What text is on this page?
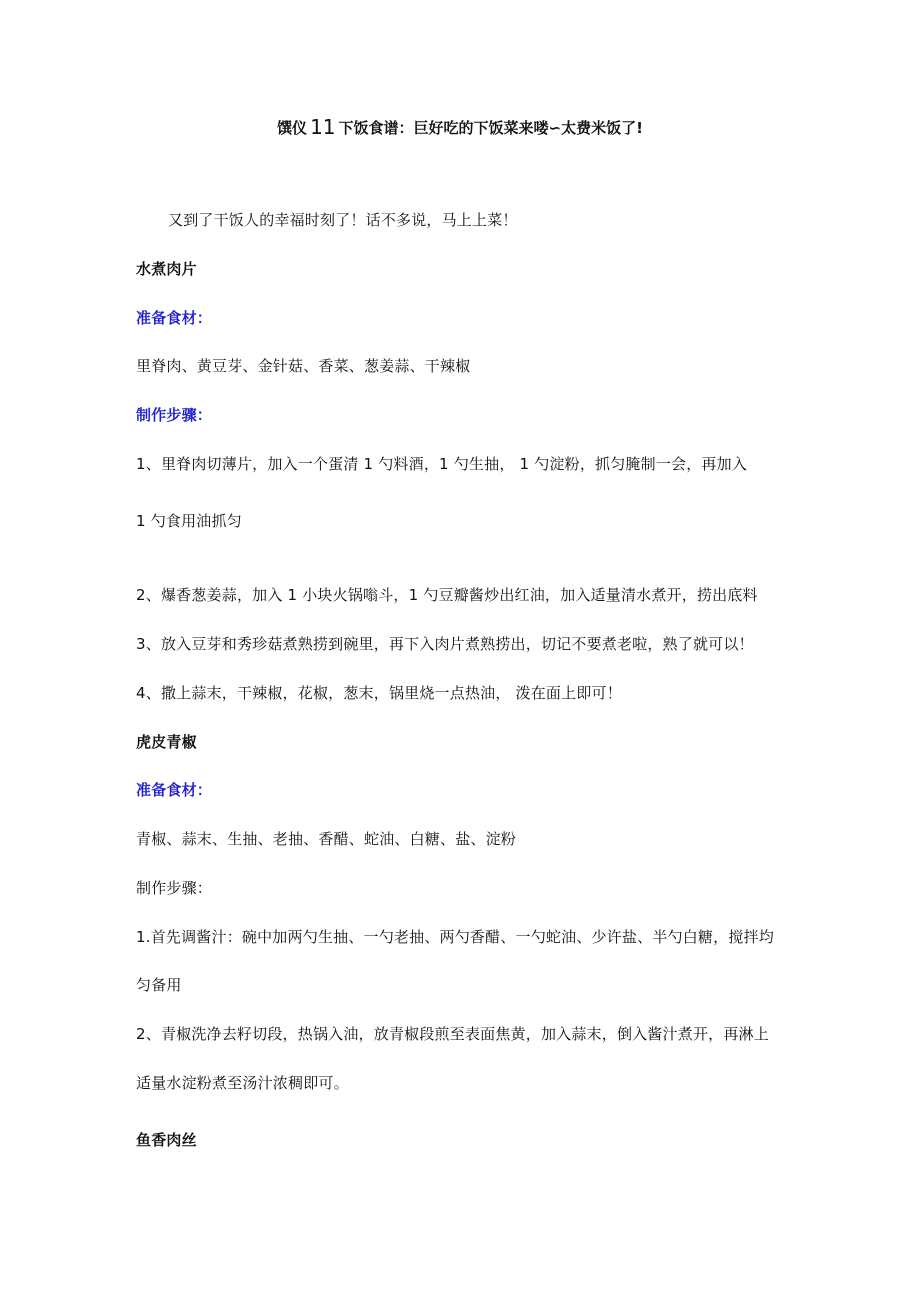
馔仪 11 下饭食谱：巨好吃的下饭菜来喽∽太费米饭了!
又到了干饭人的幸福时刻了！话不多说，马上上菜！
水煮肉片
准备食材：
里脊肉、黄豆芽、金针菇、香菜、葱姜蒜、干辣椒
制作步骤：
1、里脊肉切薄片，加入一个蛋清 1 勺料酒，1 勺生抽， 1 勺淀粉，抓匀腌制一会，再加入
1 勺食用油抓匀
2、爆香葱姜蒜，加入 1 小块火锅嗡斗，1 勺豆瓣酱炒出红油，加入适量清水煮开，捞出底料
3、放入豆芽和秀珍菇煮熟捞到碗里，再下入肉片煮熟捞出，切记不要煮老啦，熟了就可以！
4、撒上蒜末，干辣椒，花椒，葱末，锅里烧一点热油， 泼在面上即可！
虎皮青椒
准备食材：
青椒、蒜末、生抽、老抽、香醋、蛇油、白糖、盐、淀粉
制作步骤：
1.首先调酱汁：碗中加两勺生抽、一勺老抽、两勺香醋、一勺蛇油、少许盐、半勺白糖，搅拌均
匀备用
2、青椒洗净去籽切段，热锅入油，放青椒段煎至表面焦黄，加入蒜末，倒入酱汁煮开，再淋上
适量水淀粉煮至汤汁浓稠即可。
鱼香肉丝
